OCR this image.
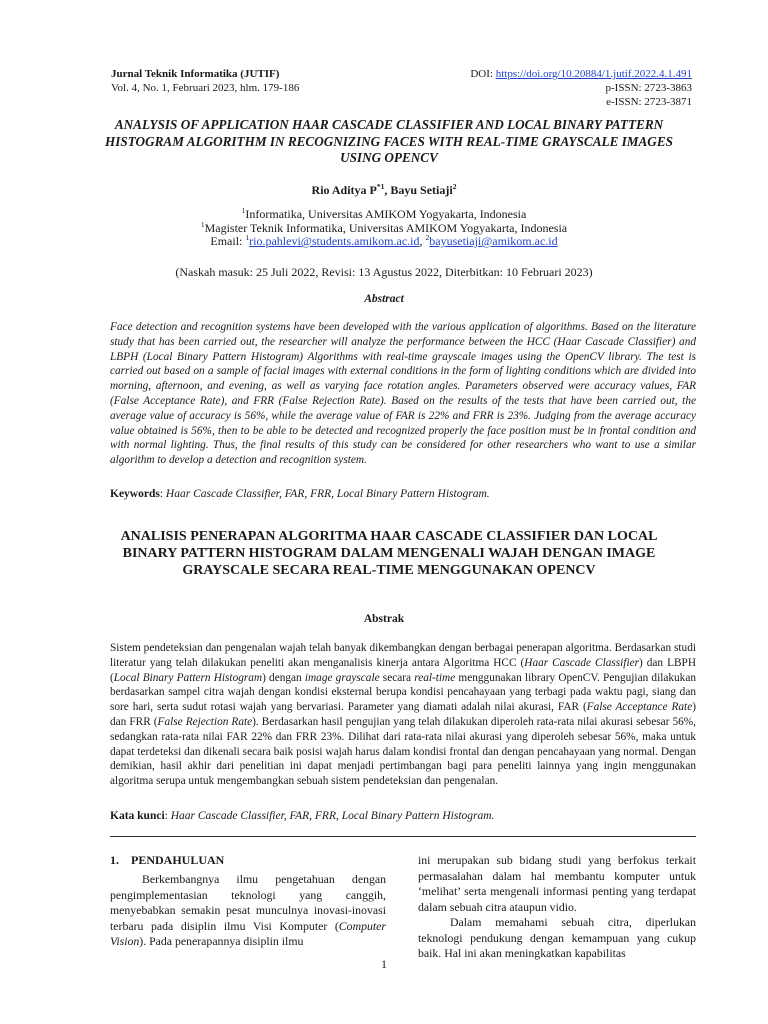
Jurnal Teknik Informatika (JUTIF)
Vol. 4, No. 1, Februari 2023, hlm. 179-186
DOI: https://doi.org/10.20884/1.jutif.2022.4.1.491
p-ISSN: 2723-3863
e-ISSN: 2723-3871
ANALYSIS OF APPLICATION HAAR CASCADE CLASSIFIER AND LOCAL BINARY PATTERN HISTOGRAM ALGORITHM IN RECOGNIZING FACES WITH REAL-TIME GRAYSCALE IMAGES USING OPENCV
Rio Aditya $P^{*1}$, Bayu Setiaji$^2$
$^1$Informatika, Universitas AMIKOM Yogyakarta, Indonesia
$^1$Magister Teknik Informatika, Universitas AMIKOM Yogyakarta, Indonesia
Email: $^1$rio.pahlevi@students.amikom.ac.id, $^2$bayusetiaji@amikom.ac.id
(Naskah masuk: 25 Juli 2022, Revisi: 13 Agustus 2022, Diterbitkan: 10 Februari 2023)
Abstract
Face detection and recognition systems have been developed with the various application of algorithms. Based on the literature study that has been carried out, the researcher will analyze the performance between the HCC (Haar Cascade Classifier) and LBPH (Local Binary Pattern Histogram) Algorithms with real-time grayscale images using the OpenCV library. The test is carried out based on a sample of facial images with external conditions in the form of lighting conditions which are divided into morning, afternoon, and evening, as well as varying face rotation angles. Parameters observed were accuracy values, FAR (False Acceptance Rate), and FRR (False Rejection Rate). Based on the results of the tests that have been carried out, the average value of accuracy is 56%, while the average value of FAR is 22% and FRR is 23%. Judging from the average accuracy value obtained is 56%, then to be able to be detected and recognized properly the face position must be in frontal condition and with normal lighting. Thus, the final results of this study can be considered for other researchers who want to use a similar algorithm to develop a detection and recognition system.
Keywords: Haar Cascade Classifier, FAR, FRR, Local Binary Pattern Histogram.
ANALISIS PENERAPAN ALGORITMA HAAR CASCADE CLASSIFIER DAN LOCAL BINARY PATTERN HISTOGRAM DALAM MENGENALI WAJAH DENGAN IMAGE GRAYSCALE SECARA REAL-TIME MENGGUNAKAN OPENCV
Abstrak
Sistem pendeteksian dan pengenalan wajah telah banyak dikembangkan dengan berbagai penerapan algoritma. Berdasarkan studi literatur yang telah dilakukan peneliti akan menganalisis kinerja antara Algoritma HCC (Haar Cascade Classifier) dan LBPH (Local Binary Pattern Histogram) dengan image grayscale secara real-time menggunakan library OpenCV. Pengujian dilakukan berdasarkan sampel citra wajah dengan kondisi eksternal berupa kondisi pencahayaan yang terbagi pada waktu pagi, siang dan sore hari, serta sudut rotasi wajah yang bervariasi. Parameter yang diamati adalah nilai akurasi, FAR (False Acceptance Rate) dan FRR (False Rejection Rate). Berdasarkan hasil pengujian yang telah dilakukan diperoleh rata-rata nilai akurasi sebesar 56%, sedangkan rata-rata nilai FAR 22% dan FRR 23%. Dilihat dari rata-rata nilai akurasi yang diperoleh sebesar 56%, maka untuk dapat terdeteksi dan dikenali secara baik posisi wajah harus dalam kondisi frontal dan dengan pencahayaan yang normal. Dengan demikian, hasil akhir dari penelitian ini dapat menjadi pertimbangan bagi para peneliti lainnya yang ingin menggunakan algoritma serupa untuk mengembangkan sebuah sistem pendeteksian dan pengenalan.
Kata kunci: Haar Cascade Classifier, FAR, FRR, Local Binary Pattern Histogram.
1.    PENDAHULUAN
Berkembangnya ilmu pengetahuan dengan pengimplementasian teknologi yang canggih, menyebabkan semakin pesat munculnya inovasi-inovasi terbaru pada disiplin ilmu Visi Komputer (Computer Vision). Pada penerapannya disiplin ilmu
ini merupakan sub bidang studi yang berfokus terkait permasalahan dalam hal membantu komputer untuk ‘melihat’ serta mengenali informasi penting yang terdapat dalam sebuah citra ataupun vidio.
Dalam memahami sebuah citra, diperlukan teknologi pendukung dengan kemampuan yang cukup baik. Hal ini akan meningkatkan kapabilitas
1
